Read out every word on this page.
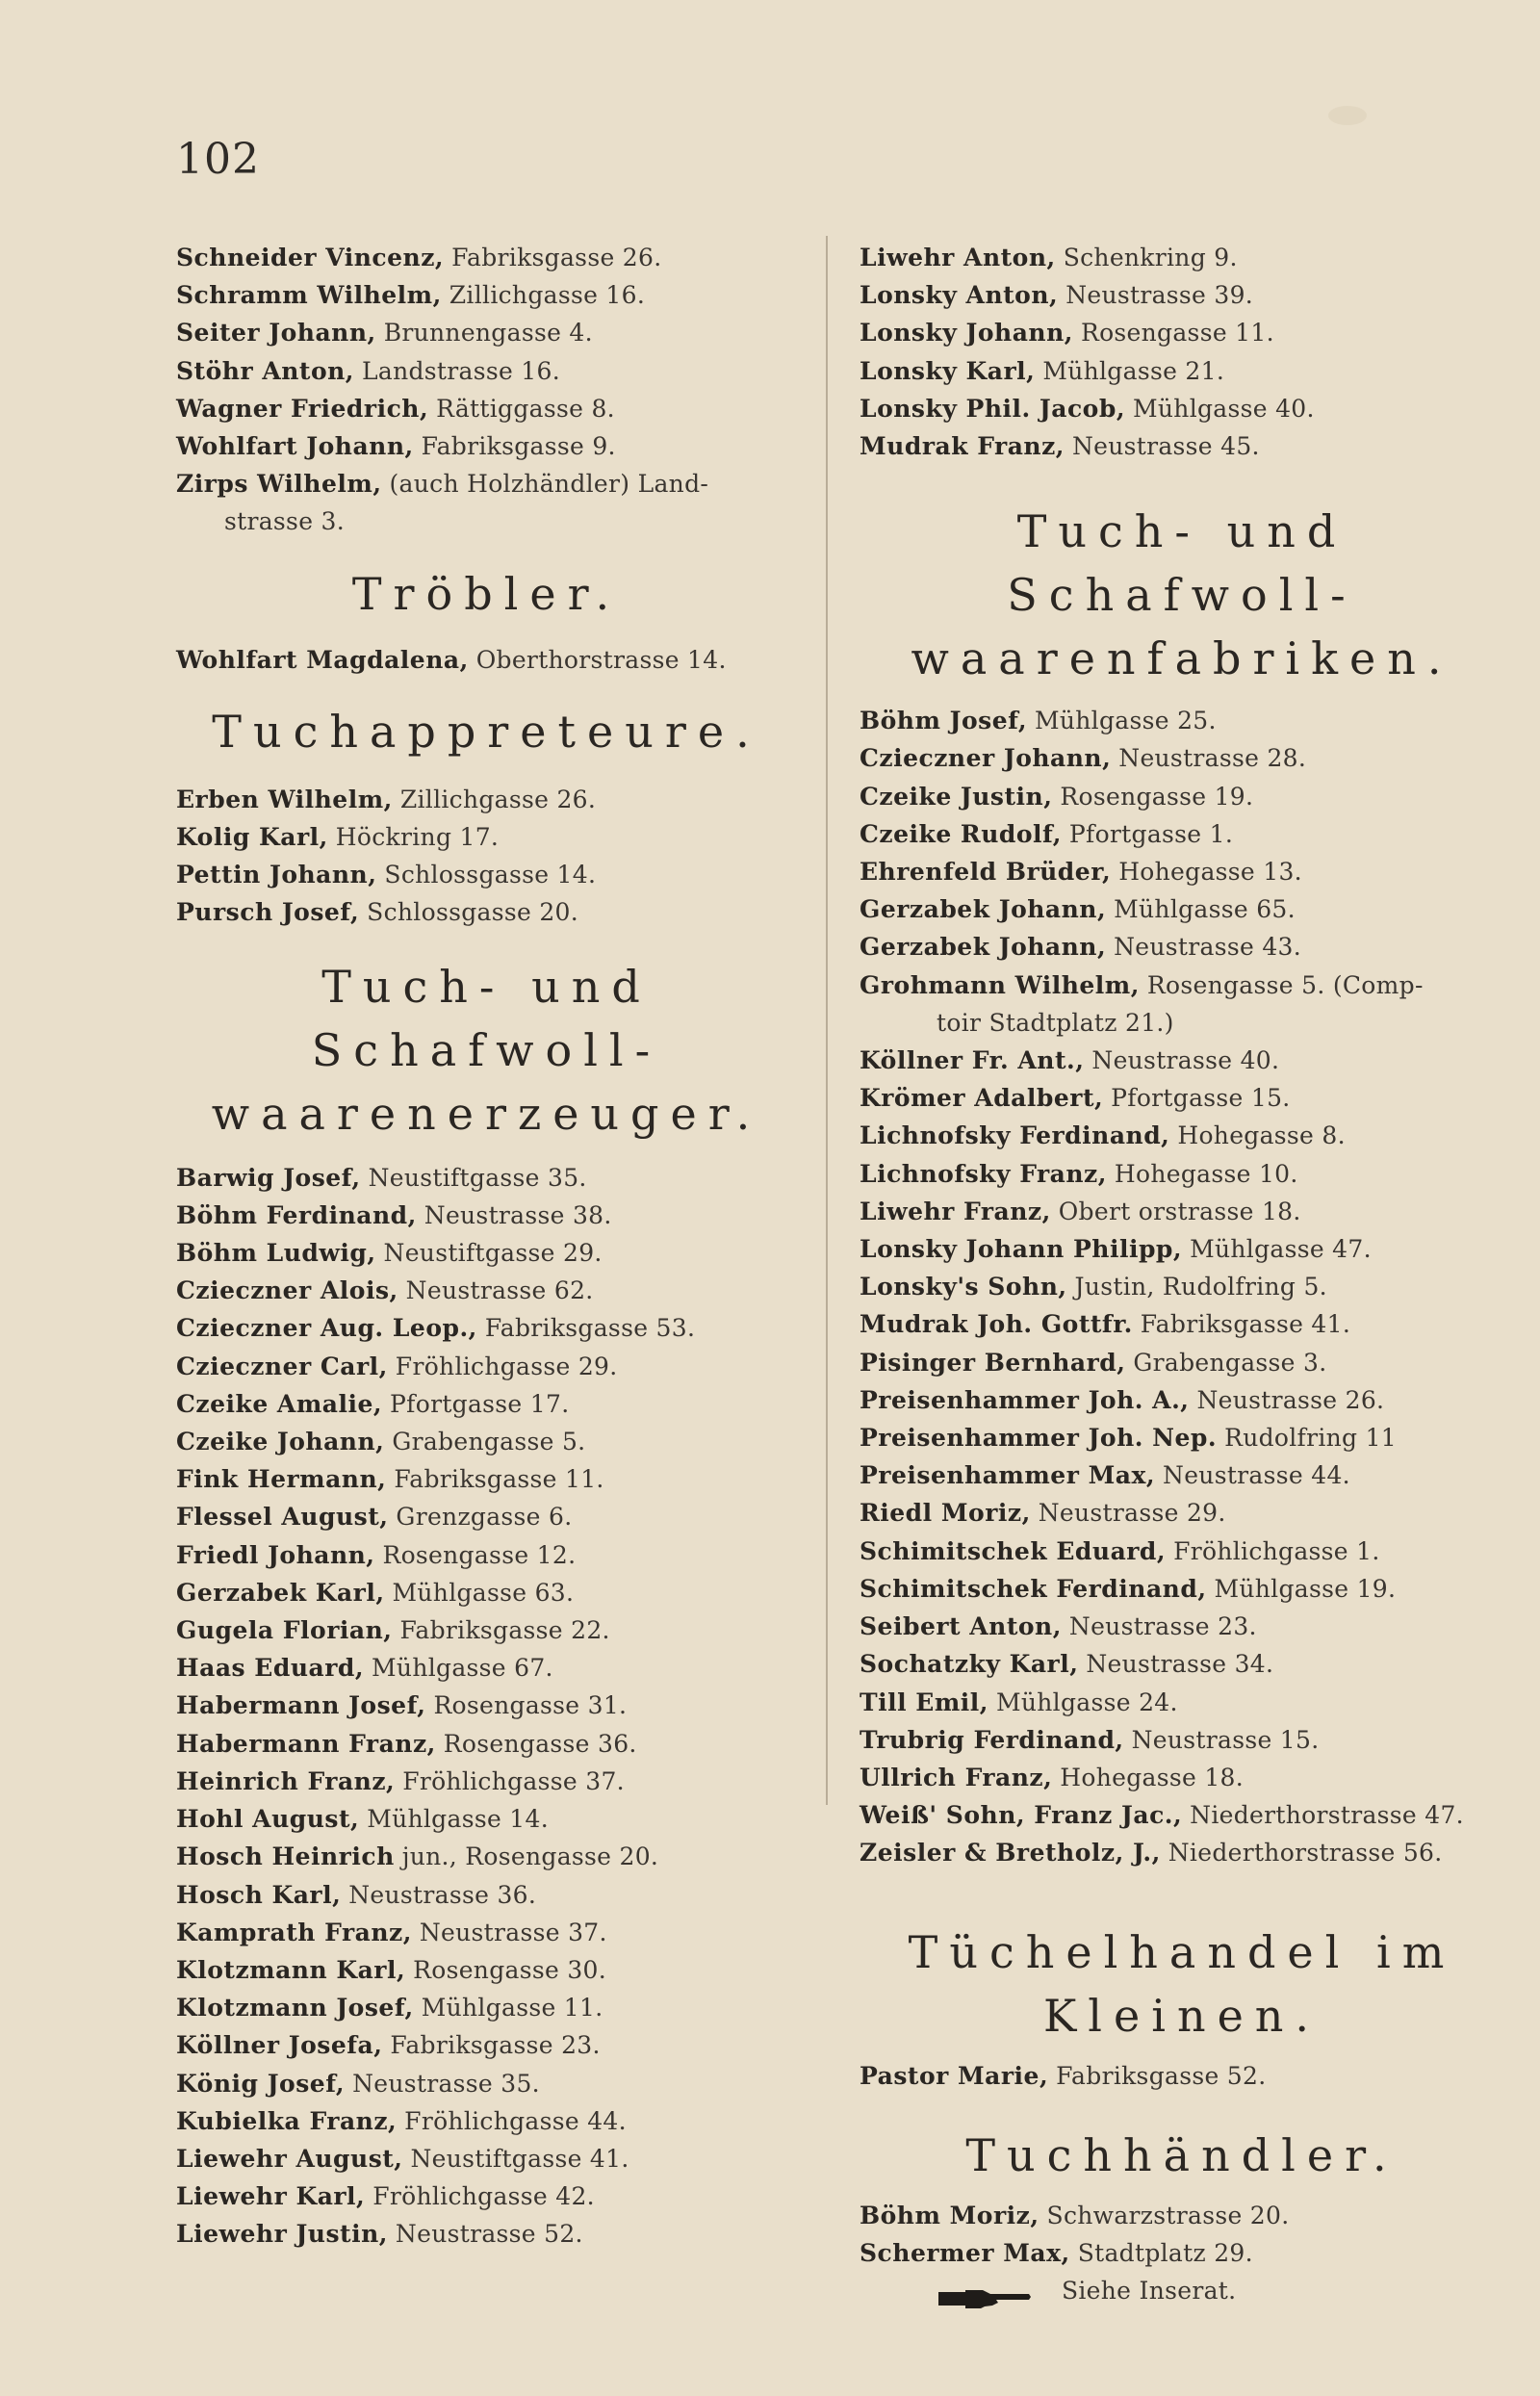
102
Schneider Vincenz, Fabriksgasse 26.
Schramm Wilhelm, Zillichgasse 16.
Seiter Johann, Brunnengasse 4.
Stöhr Anton, Landstrasse 16.
Wagner Friedrich, Rättiggasse 8.
Wohlfart Johann, Fabriksgasse 9.
Zirps Wilhelm, (auch Holzhändler) Land-
strasse 3.
Tröbler.
Wohlfart Magdalena, Oberthorstrasse 14.
Tuchappreteure.
Erben Wilhelm, Zillichgasse 26.
Kolig Karl, Höckring 17.
Pettin Johann, Schlossgasse 14.
Pursch Josef, Schlossgasse 20.
Tuch- und Schafwoll-
waarenerzeuger.
Barwig Josef, Neustiftgasse 35.
Böhm Ferdinand, Neustrasse 38.
Böhm Ludwig, Neustiftgasse 29.
Czieczner Alois, Neustrasse 62.
Czieczner Aug. Leop., Fabriksgasse 53.
Czieczner Carl, Fröhlichgasse 29.
Czeike Amalie, Pfortgasse 17.
Czeike Johann, Grabengasse 5.
Fink Hermann, Fabriksgasse 11.
Flessel August, Grenzgasse 6.
Friedl Johann, Rosengasse 12.
Gerzabek Karl, Mühlgasse 63.
Gugela Florian, Fabriksgasse 22.
Haas Eduard, Mühlgasse 67.
Habermann Josef, Rosengasse 31.
Habermann Franz, Rosengasse 36.
Heinrich Franz, Fröhlichgasse 37.
Hohl August, Mühlgasse 14.
Hosch Heinrich jun., Rosengasse 20.
Hosch Karl, Neustrasse 36.
Kamprath Franz, Neustrasse 37.
Klotzmann Karl, Rosengasse 30.
Klotzmann Josef, Mühlgasse 11.
Köllner Josefa, Fabriksgasse 23.
König Josef, Neustrasse 35.
Kubielka Franz, Fröhlichgasse 44.
Liewehr August, Neustiftgasse 41.
Liewehr Karl, Fröhlichgasse 42.
Liewehr Justin, Neustrasse 52.
Liwehr Anton, Schenkring 9.
Lonsky Anton, Neustrasse 39.
Lonsky Johann, Rosengasse 11.
Lonsky Karl, Mühlgasse 21.
Lonsky Phil. Jacob, Mühlgasse 40.
Mudrak Franz, Neustrasse 45.
Tuch- und Schafwoll-
waarenfabriken.
Böhm Josef, Mühlgasse 25.
Czieczner Johann, Neustrasse 28.
Czeike Justin, Rosengasse 19.
Czeike Rudolf, Pfortgasse 1.
Ehrenfeld Brüder, Hohegasse 13.
Gerzabek Johann, Mühlgasse 65.
Gerzabek Johann, Neustrasse 43.
Grohmann Wilhelm, Rosengasse 5. (Comp-
toir Stadtplatz 21.)
Köllner Fr. Ant., Neustrasse 40.
Krömer Adalbert, Pfortgasse 15.
Lichnofsky Ferdinand, Hohegasse 8.
Lichnofsky Franz, Hohegasse 10.
Liwehr Franz, Obert orstrasse 18.
Lonsky Johann Philipp, Mühlgasse 47.
Lonsky's Sohn, Justin, Rudolfring 5.
Mudrak Joh. Gottfr. Fabriksgasse 41.
Pisinger Bernhard, Grabengasse 3.
Preisenhammer Joh. A., Neustrasse 26.
Preisenhammer Joh. Nep. Rudolfring 11
Preisenhammer Max, Neustrasse 44.
Riedl Moriz, Neustrasse 29.
Schimitschek Eduard, Fröhlichgasse 1.
Schimitschek Ferdinand, Mühlgasse 19.
Seibert Anton, Neustrasse 23.
Sochatzky Karl, Neustrasse 34.
Till Emil, Mühlgasse 24.
Trubrig Ferdinand, Neustrasse 15.
Ullrich Franz, Hohegasse 18.
Weiß' Sohn, Franz Jac., Niederthorstrasse 47.
Zeisler & Bretholz, J., Niederthorstrasse 56.
Tüchelhandel im
Kleinen.
Pastor Marie, Fabriksgasse 52.
Tuchhändler.
Böhm Moriz, Schwarzstrasse 20.
Schermer Max, Stadtplatz 29.
Siehe Inserat.
